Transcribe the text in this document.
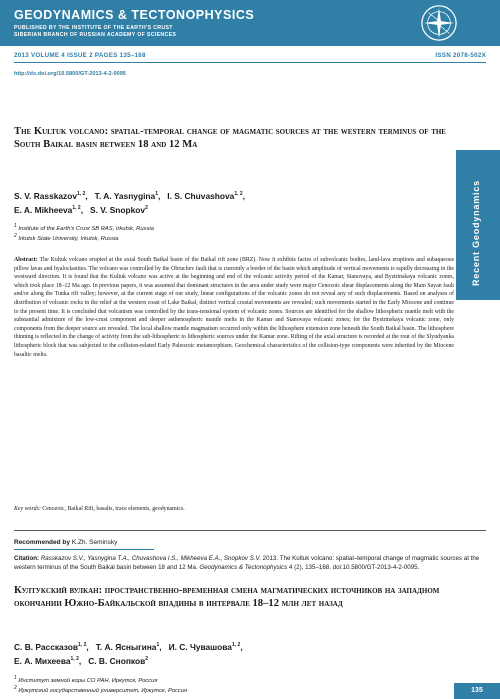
GEODYNAMICS & TECTONOPHYSICS
PUBLISHED BY THE INSTITUTE OF THE EARTH'S CRUST
SIBERIAN BRANCH OF RUSSIAN ACADEMY OF SCIENCES
2013 VOLUME 4 ISSUE 2 PAGES 135–168	ISSN 2078-502X
http://dx.doi.org/10.5800/GT-2013-4-2-0095
Recent Geodynamics
The Kultuk volcano: spatial-temporal change of magmatic sources at the western terminus of the South Baikal basin between 18 and 12 Ma
S. V. Rasskazov$^{1, 2}$,   T. A. Yasnygina$^1$,   I. S. Chuvashova$^{1, 2}$,
E. A. Mikheeva$^{1, 2}$,   S. V. Snopkov$^2$
$^1$ Institute of the Earth's Crust SB RAS, Irkutsk, Russia
$^2$ Irkutsk State University, Irkutsk, Russia
Abstract: The Kultuk volcano erupted at the axial South Baikal basin of the Baikal rift zone (BRZ). Now it exhibits facies of subvolcanic bodies, land-lava eruptions and subaqueous pillow lavas and hyaloclastites. The volcano was controlled by the Obruchev fault that is currently a border of the basin which amplitude of vertical movements is rapidly decreasing in the westward direction. It is found that the Kultuk volcano was active at the beginning and end of the volcanic activity period of the Kamar, Stanovaya, and Bystrinskaya volcanic zones, which took place 18–12 Ma ago. In previous papers, it was assumed that dominant structures in the area under study were major Cenozoic shear displacements along the Main Sayan fault and/or along the Tunka rift valley; however, at the current stage of our study, linear configurations of the volcanic zones do not reveal any of such displacements. Based on analyses of distribution of volcanic rocks in the relief at the western coast of Lake Baikal, distinct vertical crustal movements are revealed; such movements started in the Early Miocene and continue to the present time. It is concluded that volcanism was controlled by the trans-tensional system of volcanic zones. Sources are identified for the shallow lithospheric mantle melt with the substantial admixture of the low-crust component and deeper asthenospheric mantle melts in the Kamar and Stanovaya volcanic zones; for the Bystrinskaya volcanic zone, only components from the deeper source are revealed. The local shallow mantle magmatism occurred only within the lithosphere extension zone beneath the South Baikal basin. The lithosphere thinning is reflected in the change of activity from the sub-lithospheric to lithospheric sources under the Kamar zone. Rifting of the axial structure is recorded at the rout of the Slyudyanka lithospheric block that was subjected to the collision-related Early Paleozoic metamorphism. Geochemical characteristics of the collision-type components were inherited by the Miocene basaltic melts.
Key words: Cenozoic, Baikal Rift, basalts, trace elements, geodynamics.
Recommended by K.Zh. Seminsky
Citation: Rasskazov S.V., Yasnygina T.A., Chuvashova I.S., Mikheeva E.A., Snopkov S.V. 2013. The Kultuk volcano: spatial–temporal change of magmatic sources at the western terminus of the South Baikal basin between 18 and 12 Ma. Geodynamics & Tectonophysics 4 (2), 135–168. doi:10.5800/GT-2013-4-2-0095.
Култукский вулкан: пространственно-временная смена магматических источников на западном окончании Южно-Байкальской впадины в интервале 18–12 млн лет назад
С. В. Рассказов$^{1, 2}$,   Т. А. Ясныгина$^1$,   И. С. Чувашова$^{1, 2}$,
Е. А. Михеева$^{1, 2}$,   С. В. Снопков$^2$
$^1$ Институт земной коры СО РАН, Иркутск, Россия
$^2$ Иркутский государственный университет, Иркутск, Россия	135
